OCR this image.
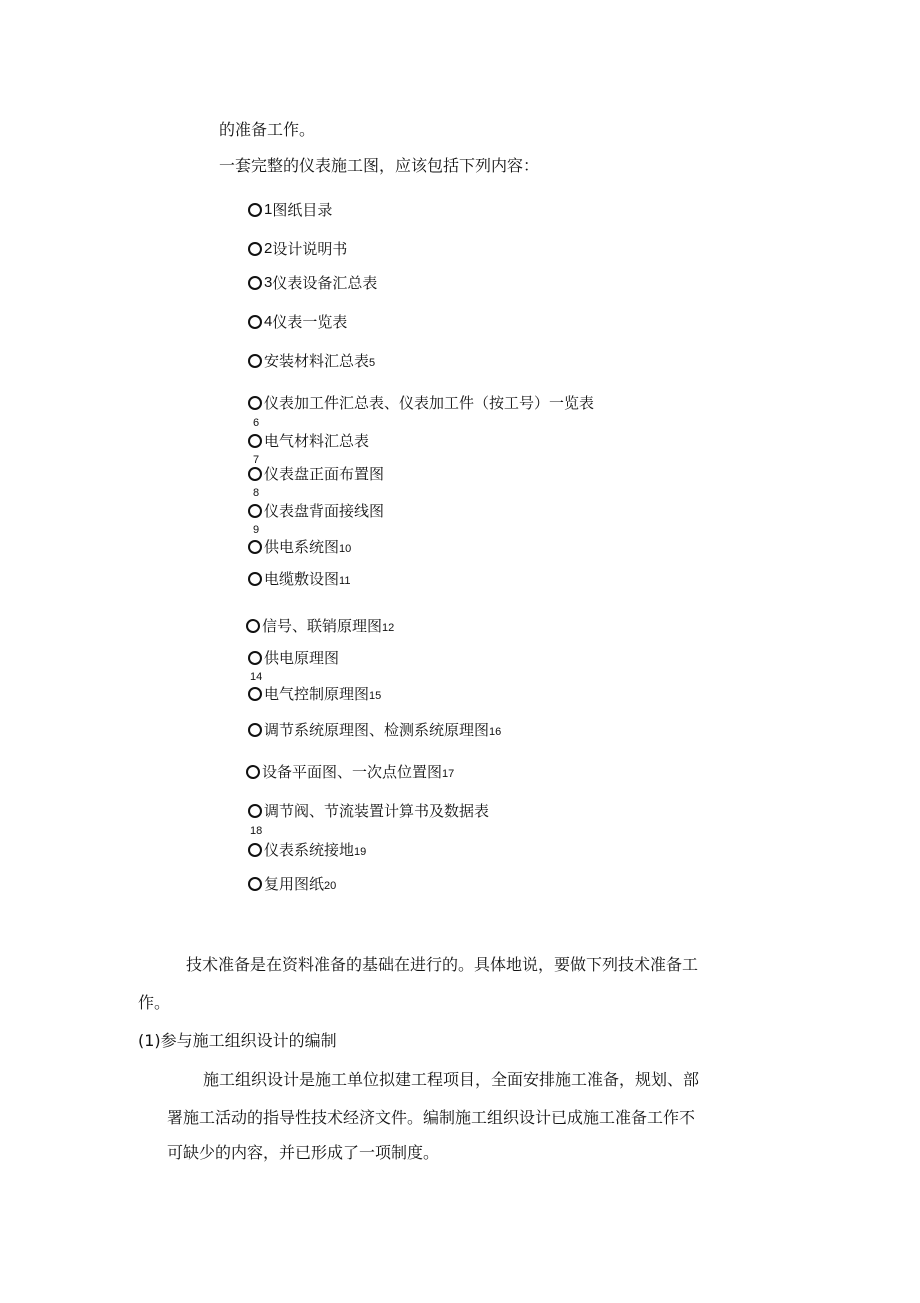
的准备工作。
一套完整的仪表施工图，应该包括下列内容：
1 图纸目录
2 设计说明书
3 仪表设备汇总表
4 仪表一览表
安装材料汇总表 5
仪表加工件汇总表、仪表加工件（按工号）一览表
电气材料汇总表
仪表盘正面布置图
仪表盘背面接线图
供电系统图 10
电缆敷设图 11
信号、联销原理图 12
供电原理图
电气控制原理图 15
调节系统原理图、检测系统原理图 16
设备平面图、一次点位置图 17
调节阀、节流装置计算书及数据表
仪表系统接地 19
复用图纸 20
6
7
8
9
14
18
技术准备是在资料准备的基础在进行的。具体地说，要做下列技术准备工
作。
(1)参与施工组织设计的编制
施工组织设计是施工单位拟建工程项目，全面安排施工准备，规划、部
署施工活动的指导性技术经济文件。编制施工组织设计已成施工准备工作不
可缺少的内容，并已形成了一项制度。
